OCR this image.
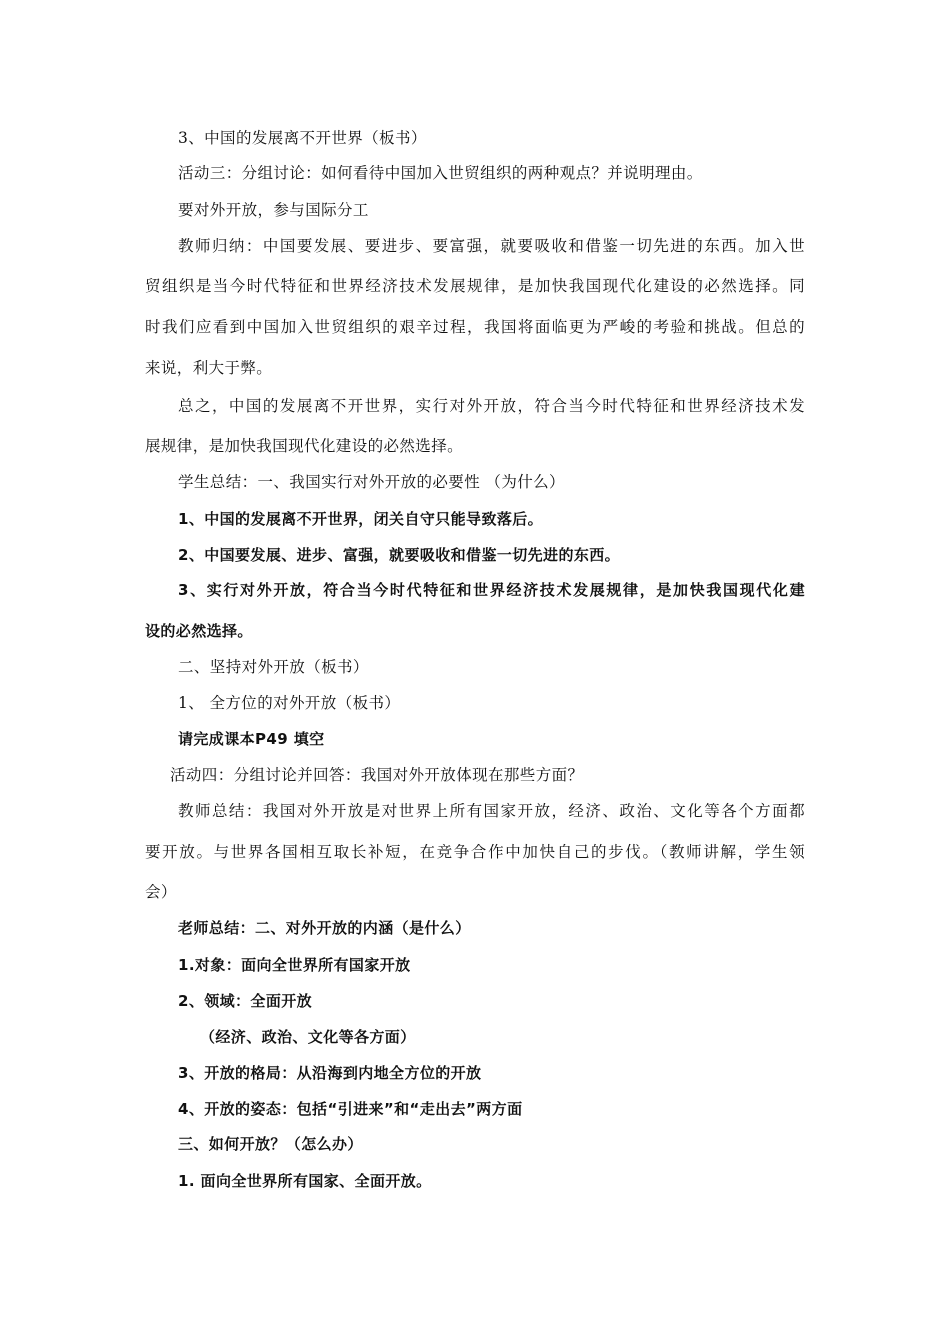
3、中国的发展离不开世界（板书）
活动三：分组讨论：如何看待中国加入世贸组织的两种观点？并说明理由。
要对外开放，参与国际分工
教师归纳：中国要发展、要进步、要富强，就要吸收和借鉴一切先进的东西。加入世
贸组织是当今时代特征和世界经济技术发展规律，是加快我国现代化建设的必然选择。同
时我们应看到中国加入世贸组织的艰辛过程，我国将面临更为严峻的考验和挑战。但总的
来说，利大于弊。
总之，中国的发展离不开世界，实行对外开放，符合当今时代特征和世界经济技术发
展规律，是加快我国现代化建设的必然选择。
学生总结：一、我国实行对外开放的必要性 （为什么）
1、中国的发展离不开世界，闭关自守只能导致落后。
2、中国要发展、进步、富强，就要吸收和借鉴一切先进的东西。
3、实行对外开放，符合当今时代特征和世界经济技术发展规律，是加快我国现代化建
设的必然选择。
二、坚持对外开放（板书）
1、 全方位的对外开放（板书）
请完成课本P49 填空
活动四：分组讨论并回答：我国对外开放体现在那些方面？
教师总结：我国对外开放是对世界上所有国家开放，经济、政治、文化等各个方面都
要开放。与世界各国相互取长补短，在竞争合作中加快自己的步伐。（教师讲解，学生领
会）
老师总结：二、对外开放的内涵（是什么）
1.对象：面向全世界所有国家开放
2、领域：全面开放
（经济、政治、文化等各方面）
3、开放的格局：从沿海到内地全方位的开放
4、开放的姿态：包括“引进来”和“走出去”两方面
三、如何开放？（怎么办）
1. 面向全世界所有国家、全面开放。
